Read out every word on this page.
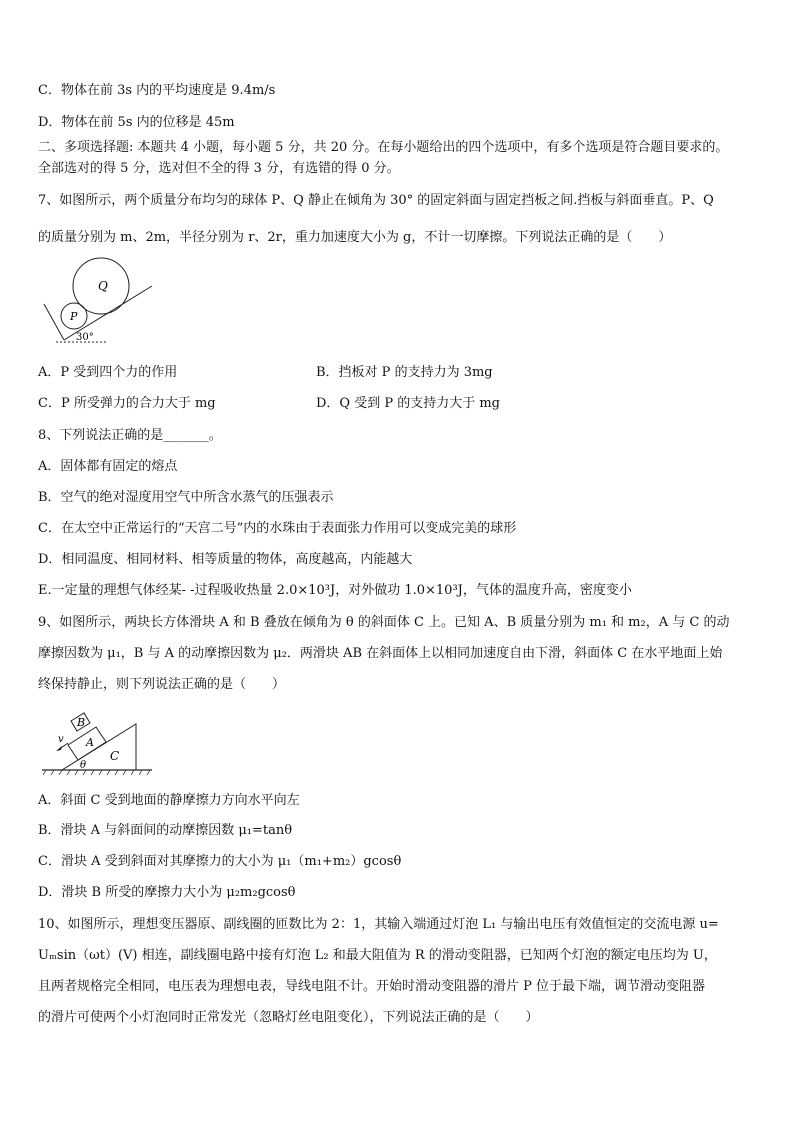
C．物体在前 3s 内的平均速度是 9.4m/s
D．物体在前 5s 内的位移是 45m
二、多项选择题: 本题共 4 小题，每小题 5 分，共 20 分。在每小题给出的四个选项中，有多个选项是符合题目要求的。
全部选对的得 5 分，选对但不全的得 3 分，有选错的得 0 分。
7、如图所示，两个质量分布均匀的球体 P、Q 静止在倾角为 30° 的固定斜面与固定挡板之间.挡板与斜面垂直。P、Q
的质量分别为 m、2m，半径分别为 r、2r，重力加速度大小为 g，不计一切摩擦。下列说法正确的是（　　）
Q
P
30°
A．P 受到四个力的作用	B．挡板对 P 的支持力为 3mg
C．P 所受弹力的合力大于 mg	D．Q 受到 P 的支持力大于 mg
8、下列说法正确的是_______。
A．固体都有固定的熔点
B．空气的绝对湿度用空气中所含水蒸气的压强表示
C．在太空中正常运行的“天宫二号”内的水珠由于表面张力作用可以变成完美的球形
D．相同温度、相同材料、相等质量的物体，高度越高，内能越大
E.一定量的理想气体经某- -过程吸收热量 2.0×10³J，对外做功 1.0×10³J，气体的温度升高，密度变小
9、如图所示，两块长方体滑块 A 和 B 叠放在倾角为 θ 的斜面体 C 上。已知 A、B 质量分别为 m₁ 和 m₂，A 与 C 的动
摩擦因数为 μ₁，B 与 A 的动摩擦因数为 μ₂．两滑块 AB 在斜面体上以相同加速度自由下滑，斜面体 C 在水平地面上始
终保持静止，则下列说法正确的是（　　）
B
A
C
v
θ
A．斜面 C 受到地面的静摩擦力方向水平向左
B．滑块 A 与斜面间的动摩擦因数 μ₁=tanθ
C．滑块 A 受到斜面对其摩擦力的大小为 μ₁（m₁+m₂）gcosθ
D．滑块 B 所受的摩擦力大小为 μ₂m₂gcosθ
10、如图所示，理想变压器原、副线圈的匝数比为 2：1，其输入端通过灯泡 L₁ 与输出电压有效值恒定的交流电源 u=
Uₘsin（ωt）(V) 相连，副线圈电路中接有灯泡 L₂ 和最大阻值为 R 的滑动变阻器，已知两个灯泡的额定电压均为 U，
且两者规格完全相同，电压表为理想电表，导线电阻不计。开始时滑动变阻器的滑片 P 位于最下端，调节滑动变阻器
的滑片可使两个小灯泡同时正常发光（忽略灯丝电阻变化），下列说法正确的是（　　）
